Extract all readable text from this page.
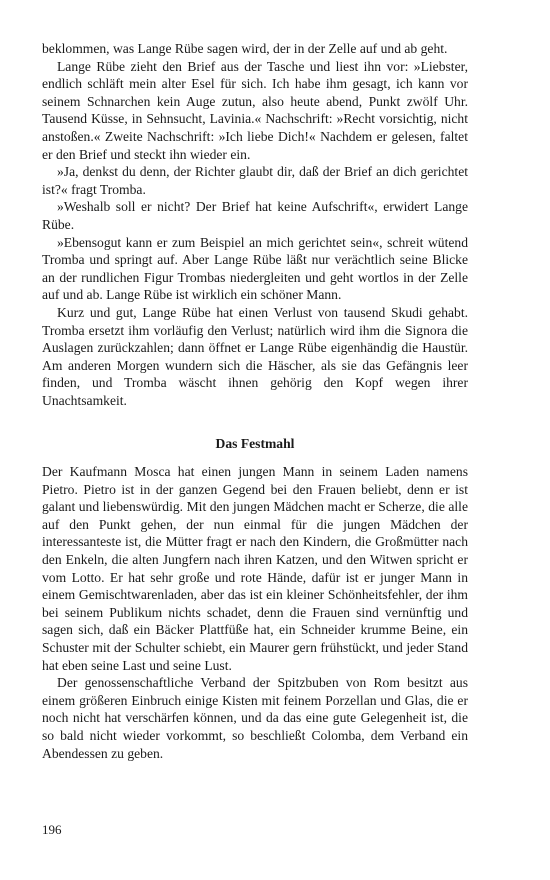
beklommen, was Lange Rübe sagen wird, der in der Zelle auf und ab geht.

Lange Rübe zieht den Brief aus der Tasche und liest ihn vor: »Liebster, endlich schläft mein alter Esel für sich. Ich habe ihm gesagt, ich kann vor seinem Schnarchen kein Auge zutun, also heute abend, Punkt zwölf Uhr. Tausend Küsse, in Sehnsucht, Lavinia.« Nachschrift: »Recht vorsichtig, nicht anstoßen.« Zweite Nachschrift: »Ich liebe Dich!« Nachdem er gelesen, faltet er den Brief und steckt ihn wieder ein.

»Ja, denkst du denn, der Richter glaubt dir, daß der Brief an dich gerichtet ist?« fragt Tromba.

»Weshalb soll er nicht? Der Brief hat keine Aufschrift«, erwidert Lange Rübe.

»Ebensogut kann er zum Beispiel an mich gerichtet sein«, schreit wütend Tromba und springt auf. Aber Lange Rübe läßt nur verächtlich seine Blicke an der rundlichen Figur Trombas niedergleiten und geht wortlos in der Zelle auf und ab. Lange Rübe ist wirklich ein schöner Mann.

Kurz und gut, Lange Rübe hat einen Verlust von tausend Skudi gehabt. Tromba ersetzt ihm vorläufig den Verlust; natürlich wird ihm die Signora die Auslagen zurückzahlen; dann öffnet er Lange Rübe eigenhändig die Haustür. Am anderen Morgen wundern sich die Häscher, als sie das Gefängnis leer finden, und Tromba wäscht ihnen gehörig den Kopf wegen ihrer Unachtsamkeit.

Das Festmahl

Der Kaufmann Mosca hat einen jungen Mann in seinem Laden namens Pietro. Pietro ist in der ganzen Gegend bei den Frauen beliebt, denn er ist galant und liebenswürdig. Mit den jungen Mädchen macht er Scherze, die alle auf den Punkt gehen, der nun einmal für die jungen Mädchen der interessanteste ist, die Mütter fragt er nach den Kindern, die Großmütter nach den Enkeln, die alten Jungfern nach ihren Katzen, und den Witwen spricht er vom Lotto. Er hat sehr große und rote Hände, dafür ist er junger Mann in einem Gemischtwarenladen, aber das ist ein kleiner Schönheitsfehler, der ihm bei seinem Publikum nichts schadet, denn die Frauen sind vernünftig und sagen sich, daß ein Bäcker Plattfüße hat, ein Schneider krumme Beine, ein Schuster mit der Schulter schiebt, ein Maurer gern frühstückt, und jeder Stand hat eben seine Last und seine Lust.

Der genossenschaftliche Verband der Spitzbuben von Rom besitzt aus einem größeren Einbruch einige Kisten mit feinem Porzellan und Glas, die er noch nicht hat verschärfen können, und da das eine gute Gelegenheit ist, die so bald nicht wieder vorkommt, so beschließt Colomba, dem Verband ein Abendessen zu geben.

196
